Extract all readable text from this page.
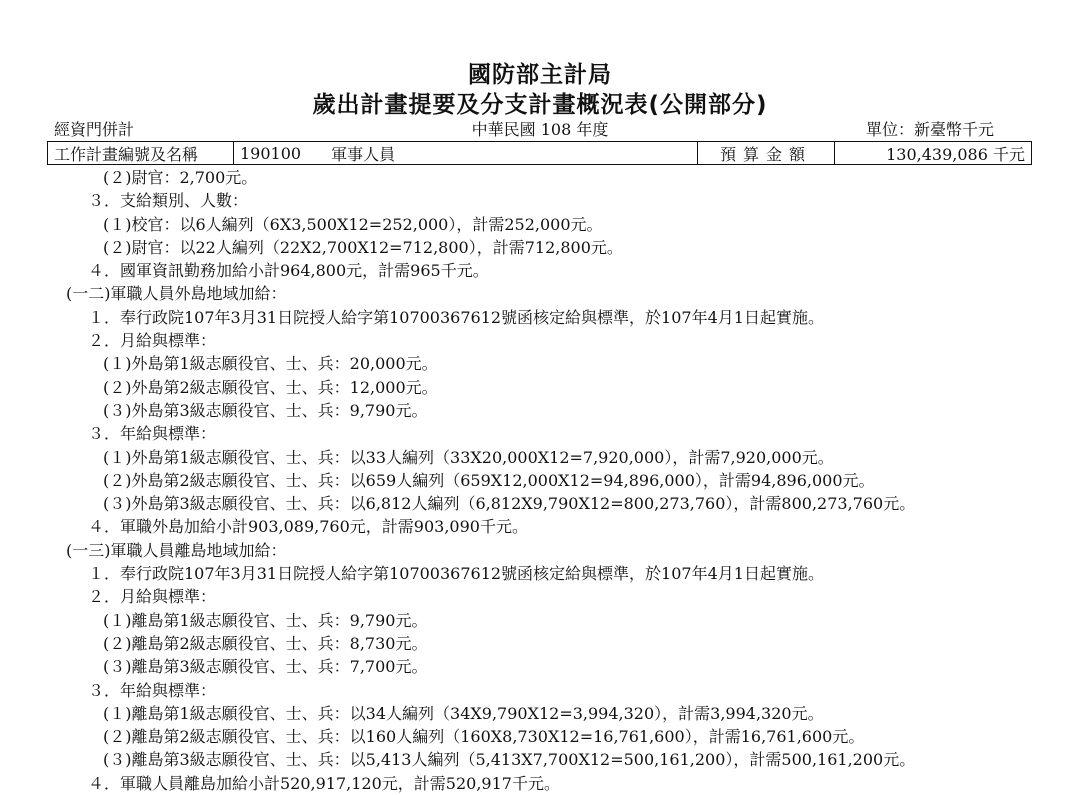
國防部主計局
歲出計畫提要及分支計畫概況表(公開部分)
中華民國 108 年度
經資門併計	單位：新臺幣千元
工作計畫編號及名稱	190100 軍事人員	預算金額	130,439,086 千元
(２)尉官：2,700元。
３．支給類別、人數：
(１)校官：以6人編列（6X3,500X12=252,000），計需252,000元。
(２)尉官：以22人編列（22X2,700X12=712,800），計需712,800元。
４．國軍資訊勤務加給小計964,800元，計需965千元。
(一二)軍職人員外島地域加給：
１．奉行政院107年3月31日院授人給字第10700367612號函核定給與標準，於107年4月1日起實施。
２．月給與標準：
(１)外島第1級志願役官、士、兵：20,000元。
(２)外島第2級志願役官、士、兵：12,000元。
(３)外島第3級志願役官、士、兵：9,790元。
３．年給與標準：
(１)外島第1級志願役官、士、兵：以33人編列（33X20,000X12=7,920,000），計需7,920,000元。
(２)外島第2級志願役官、士、兵：以659人編列（659X12,000X12=94,896,000），計需94,896,000元。
(３)外島第3級志願役官、士、兵：以6,812人編列（6,812X9,790X12=800,273,760），計需800,273,760元。
４．軍職外島加給小計903,089,760元，計需903,090千元。
(一三)軍職人員離島地域加給：
１．奉行政院107年3月31日院授人給字第10700367612號函核定給與標準，於107年4月1日起實施。
２．月給與標準：
(１)離島第1級志願役官、士、兵：9,790元。
(２)離島第2級志願役官、士、兵：8,730元。
(３)離島第3級志願役官、士、兵：7,700元。
３．年給與標準：
(１)離島第1級志願役官、士、兵：以34人編列（34X9,790X12=3,994,320），計需3,994,320元。
(２)離島第2級志願役官、士、兵：以160人編列（160X8,730X12=16,761,600），計需16,761,600元。
(３)離島第3級志願役官、士、兵：以5,413人編列（5,413X7,700X12=500,161,200），計需500,161,200元。
４．軍職人員離島加給小計520,917,120元，計需520,917千元。
